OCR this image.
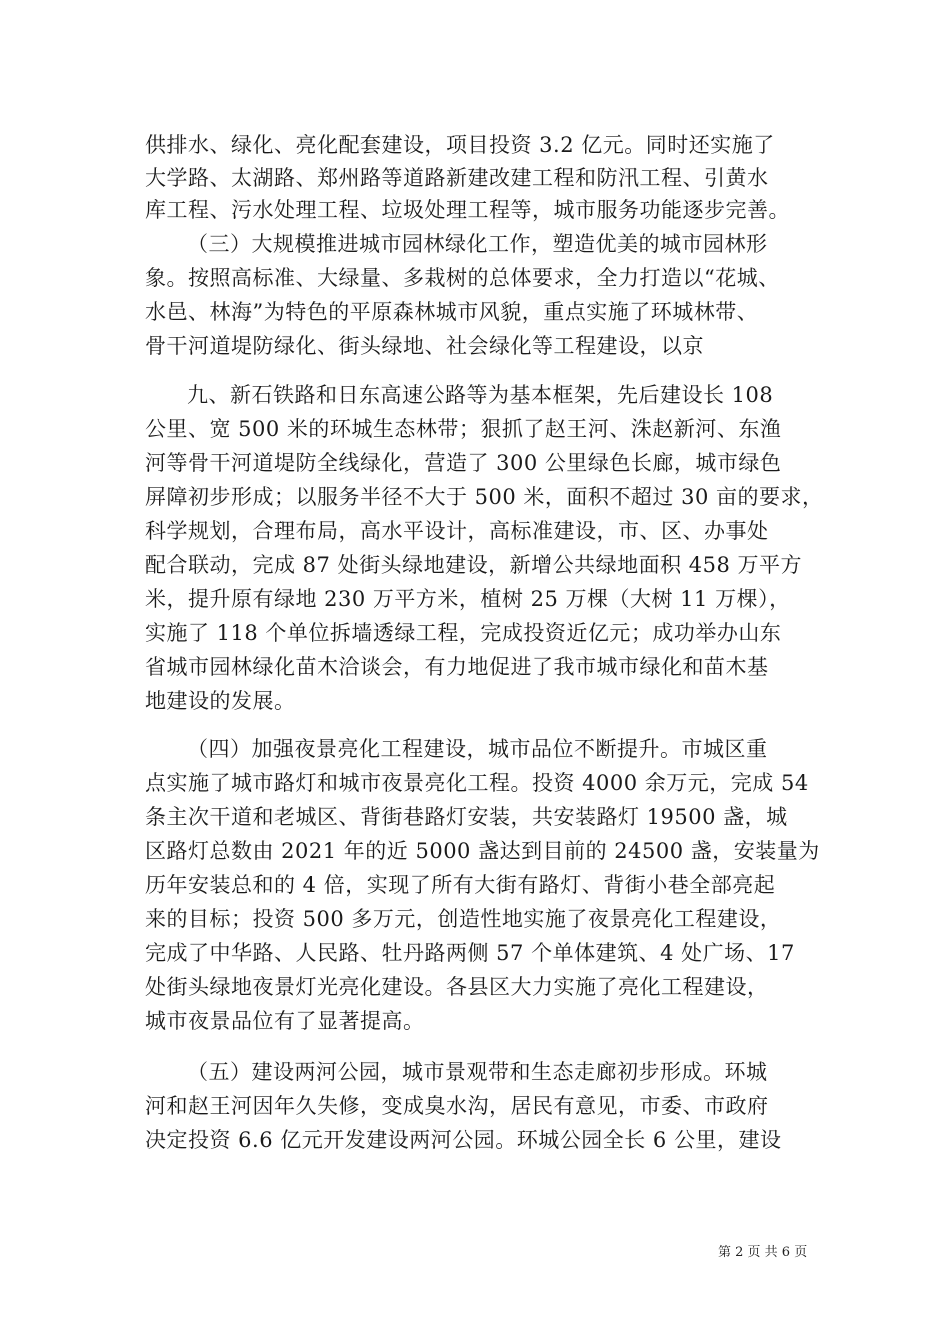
供排水、绿化、亮化配套建设，项目投资 3.2 亿元。同时还实施了
大学路、太湖路、郑州路等道路新建改建工程和防汛工程、引黄水
库工程、污水处理工程、垃圾处理工程等，城市服务功能逐步完善。
（三）大规模推进城市园林绿化工作，塑造优美的城市园林形
象。按照高标准、大绿量、多栽树的总体要求，全力打造以“花城、
水邑、林海”为特色的平原森林城市风貌，重点实施了环城林带、
骨干河道堤防绿化、街头绿地、社会绿化等工程建设，以京
九、新石铁路和日东高速公路等为基本框架，先后建设长 108
公里、宽 500 米的环城生态林带；狠抓了赵王河、洙赵新河、东渔
河等骨干河道堤防全线绿化，营造了 300 公里绿色长廊，城市绿色
屏障初步形成；以服务半径不大于 500 米，面积不超过 30 亩的要求，
科学规划，合理布局，高水平设计，高标准建设，市、区、办事处
配合联动，完成 87 处街头绿地建设，新增公共绿地面积 458 万平方
米，提升原有绿地 230 万平方米，植树 25 万棵（大树 11 万棵），
实施了 118 个单位拆墙透绿工程，完成投资近亿元；成功举办山东
省城市园林绿化苗木洽谈会，有力地促进了我市城市绿化和苗木基
地建设的发展。
（四）加强夜景亮化工程建设，城市品位不断提升。市城区重
点实施了城市路灯和城市夜景亮化工程。投资 4000 余万元，完成 54
条主次干道和老城区、背街巷路灯安装，共安装路灯 19500 盏，城
区路灯总数由 2021 年的近 5000 盏达到目前的 24500 盏，安装量为
历年安装总和的 4 倍，实现了所有大街有路灯、背街小巷全部亮起
来的目标；投资 500 多万元，创造性地实施了夜景亮化工程建设，
完成了中华路、人民路、牡丹路两侧 57 个单体建筑、4 处广场、17
处街头绿地夜景灯光亮化建设。各县区大力实施了亮化工程建设，
城市夜景品位有了显著提高。
（五）建设两河公园，城市景观带和生态走廊初步形成。环城
河和赵王河因年久失修，变成臭水沟，居民有意见，市委、市政府
决定投资 6.6 亿元开发建设两河公园。环城公园全长 6 公里，建设
第 2 页 共 6 页
